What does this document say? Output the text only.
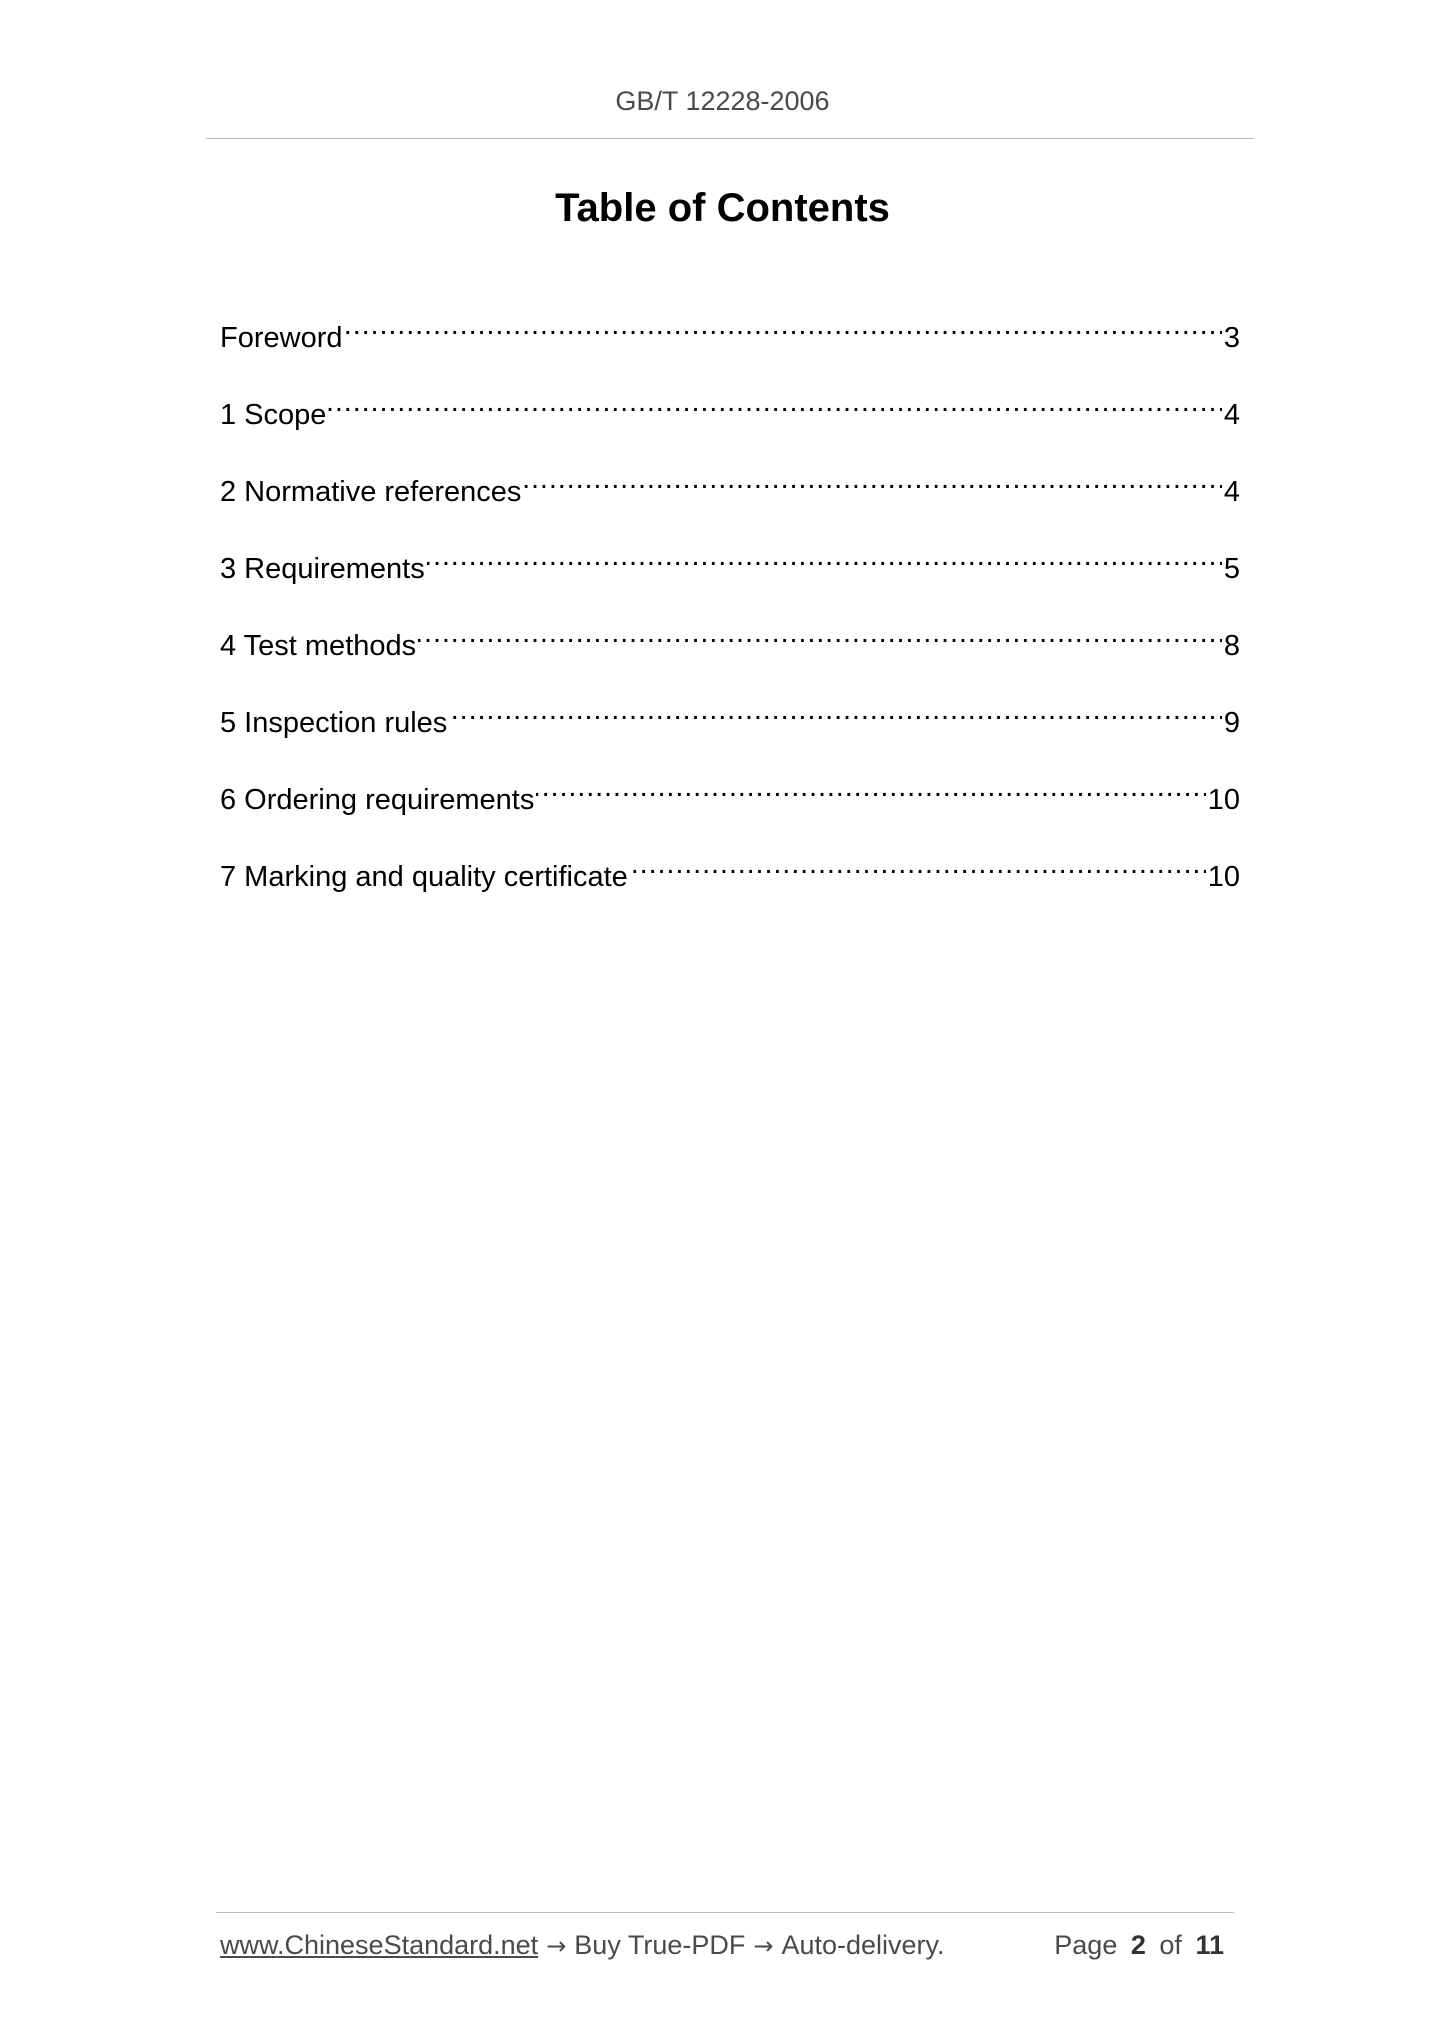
GB/T 12228-2006
Table of Contents
Foreword . . .	3
1 Scope . . .	4
2 Normative references . . .	4
3 Requirements . . .	5
4 Test methods . . .	8
5 Inspection rules . . .	9
6 Ordering requirements . . .	10
7 Marking and quality certificate . . .	10
www.ChineseStandard.net → Buy True-PDF → Auto-delivery.	Page 2 of 11
